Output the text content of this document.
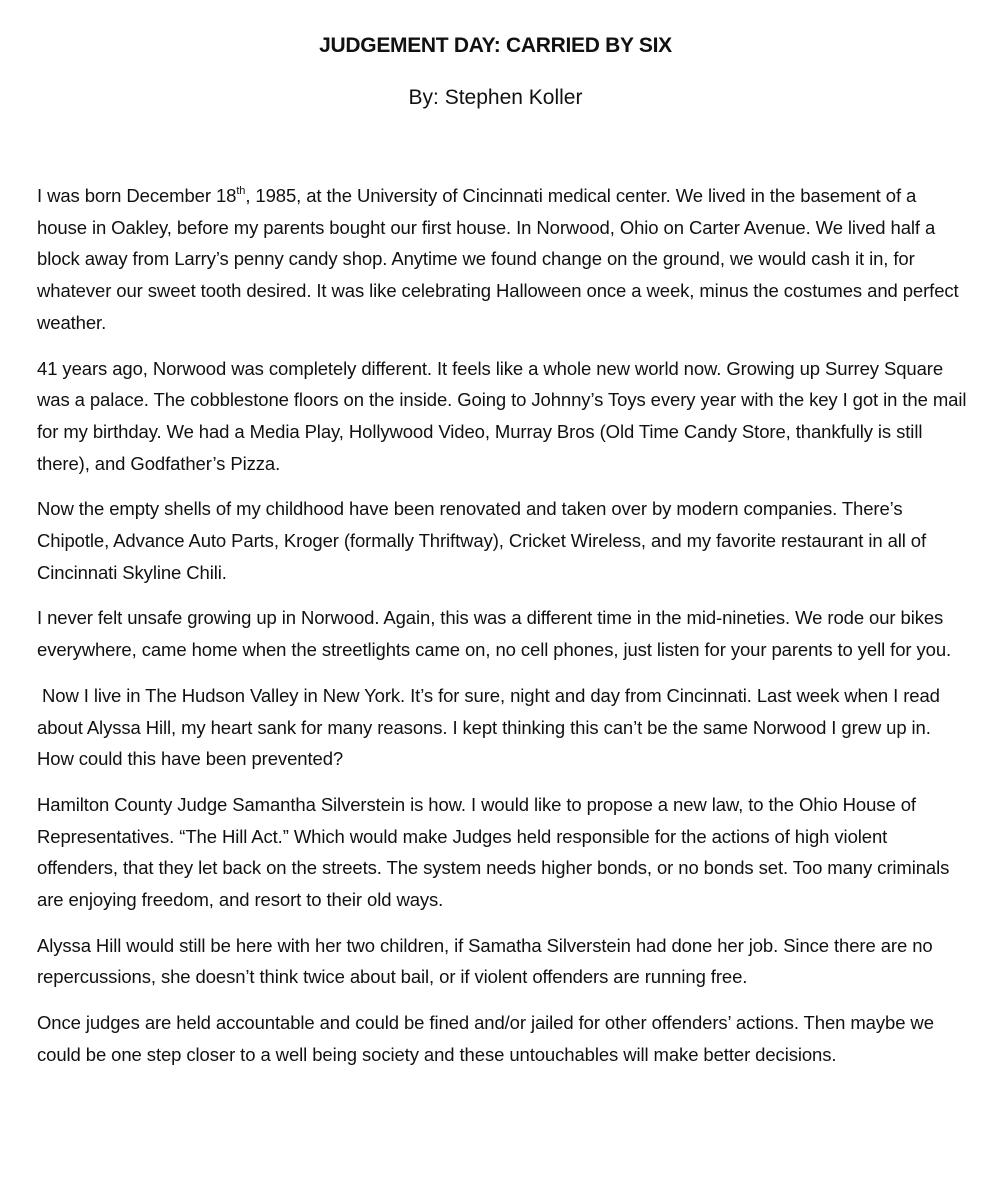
JUDGEMENT DAY: CARRIED BY SIX

By: Stephen Koller

I was born December 18th, 1985, at the University of Cincinnati medical center. We lived in the basement of a house in Oakley, before my parents bought our first house. In Norwood, Ohio on Carter Avenue. We lived half a block away from Larry’s penny candy shop. Anytime we found change on the ground, we would cash it in, for whatever our sweet tooth desired. It was like celebrating Halloween once a week, minus the costumes and perfect weather.

41 years ago, Norwood was completely different. It feels like a whole new world now. Growing up Surrey Square was a palace. The cobblestone floors on the inside. Going to Johnny’s Toys every year with the key I got in the mail for my birthday. We had a Media Play, Hollywood Video, Murray Bros (Old Time Candy Store, thankfully is still there), and Godfather’s Pizza.

Now the empty shells of my childhood have been renovated and taken over by modern companies. There’s Chipotle, Advance Auto Parts, Kroger (formally Thriftway), Cricket Wireless, and my favorite restaurant in all of Cincinnati Skyline Chili.

I never felt unsafe growing up in Norwood. Again, this was a different time in the mid-nineties. We rode our bikes everywhere, came home when the streetlights came on, no cell phones, just listen for your parents to yell for you.

Now I live in The Hudson Valley in New York. It’s for sure, night and day from Cincinnati. Last week when I read about Alyssa Hill, my heart sank for many reasons. I kept thinking this can’t be the same Norwood I grew up in. How could this have been prevented?

Hamilton County Judge Samantha Silverstein is how. I would like to propose a new law, to the Ohio House of Representatives. “The Hill Act.” Which would make Judges held responsible for the actions of high violent offenders, that they let back on the streets. The system needs higher bonds, or no bonds set. Too many criminals are enjoying freedom, and resort to their old ways.

Alyssa Hill would still be here with her two children, if Samatha Silverstein had done her job. Since there are no repercussions, she doesn’t think twice about bail, or if violent offenders are running free.

Once judges are held accountable and could be fined and/or jailed for other offenders’ actions. Then maybe we could be one step closer to a well being society and these untouchables will make better decisions.
